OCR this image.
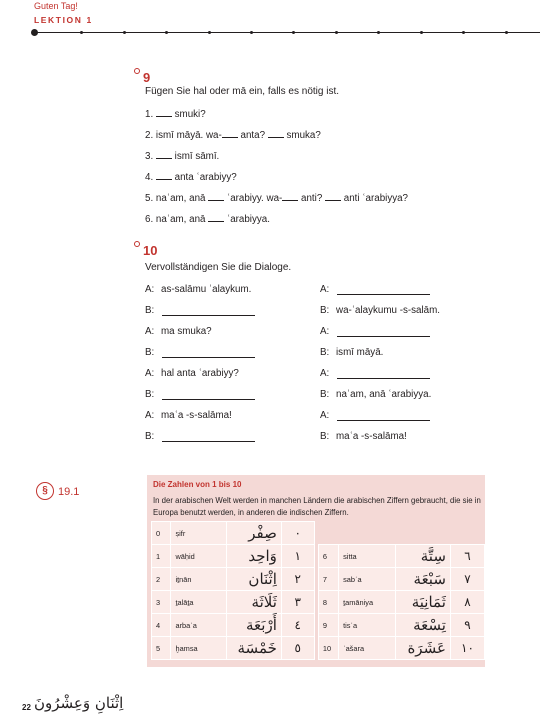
Guten Tag!
LEKTION 1
9
Fügen Sie hal oder mā ein, falls es nötig ist.
1. smuki?
2. ismī māyā. wa- anta? smuka?
3. ismī sāmī.
4. anta ʿarabiyy?
5. naʿam, anā ʿarabiyy. wa- anti? anti ʿarabiyya?
6. naʿam, anā ʿarabiyya.
10
Vervollständigen Sie die Dialoge.
A: as-salāmu ʿalaykum.
B:
A: ma smuka?
B:
A: hal anta ʿarabiyy?
B:
A: maʿa -s-salāma!
B:
A:
B: wa-ʿalaykumu -s-salām.
A:
B: ismī māyā.
A:
B: naʿam, anā ʿarabiyya.
A:
B: maʿa -s-salāma!
§ 19.1
Die Zahlen von 1 bis 10
In der arabischen Welt werden in manchen Ländern die arabischen Ziffern gebraucht, die sie in Europa benutzt werden, in anderen die indischen Ziffern.
0	ṣifr	صِفْر	٠					
1	wāḥid	وَاحِد	١		6	sitta	سِتَّة	٦
2	iṯnān	اِثْنَان	٢		7	sabʿa	سَبْعَة	٧
3	ṯalāṯa	ثَلَاثَة	٣		8	ṯamāniya	ثَمَانِيَة	٨
4	arbaʿa	أَرْبَعَة	٤		9	tisʿa	تِسْعَة	٩
5	ḫamsa	خَمْسَة	٥		10	ʿašara	عَشَرَة	١٠
22 اِثْنَانِ وَعِشْرُونَ
